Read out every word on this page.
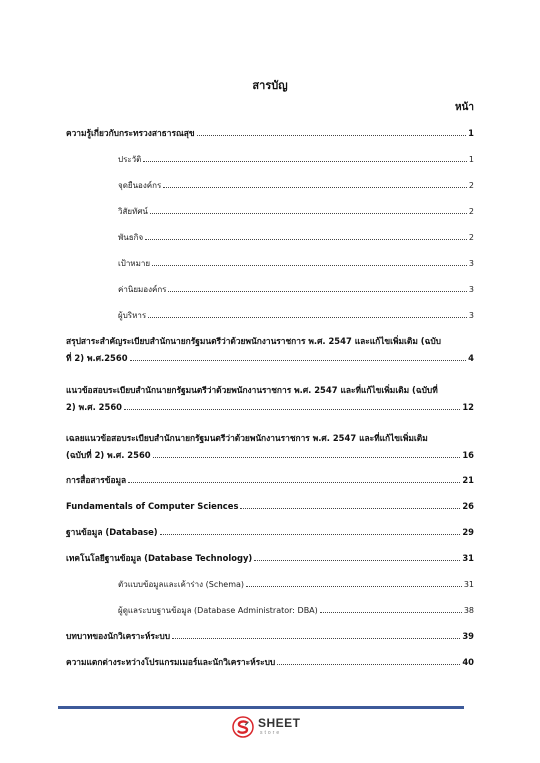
สารบัญ
หน้า
ความรู้เกี่ยวกับกระทรวงสาธารณสุข	1
ประวัติ	1
จุดยืนองค์กร	2
วิสัยทัศน์	2
พันธกิจ	2
เป้าหมาย	3
ค่านิยมองค์กร	3
ผู้บริหาร	3
สรุปสาระสำคัญระเบียบสำนักนายกรัฐมนตรีว่าด้วยพนักงานราชการ พ.ศ. 2547 และแก้ไขเพิ่มเติม (ฉบับ
ที่ 2) พ.ศ.2560	4
แนวข้อสอบระเบียบสำนักนายกรัฐมนตรีว่าด้วยพนักงานราชการ พ.ศ. 2547 และที่แก้ไขเพิ่มเติม (ฉบับที่
2) พ.ศ. 2560	12
เฉลยแนวข้อสอบระเบียบสำนักนายกรัฐมนตรีว่าด้วยพนักงานราชการ พ.ศ. 2547 และที่แก้ไขเพิ่มเติม
(ฉบับที่ 2) พ.ศ. 2560	16
การสื่อสารข้อมูล	21
Fundamentals of Computer Sciences	26
ฐานข้อมูล (Database)	29
เทคโนโลยีฐานข้อมูล (Database Technology)	31
ตัวแบบข้อมูลและเค้าร่าง (Schema)	31
ผู้ดูแลระบบฐานข้อมูล (Database Administrator: DBA)	38
บทบาทของนักวิเคราะห์ระบบ	39
ความแตกต่างระหว่างโปรแกรมเมอร์และนักวิเคราะห์ระบบ	40
SHEET
store
